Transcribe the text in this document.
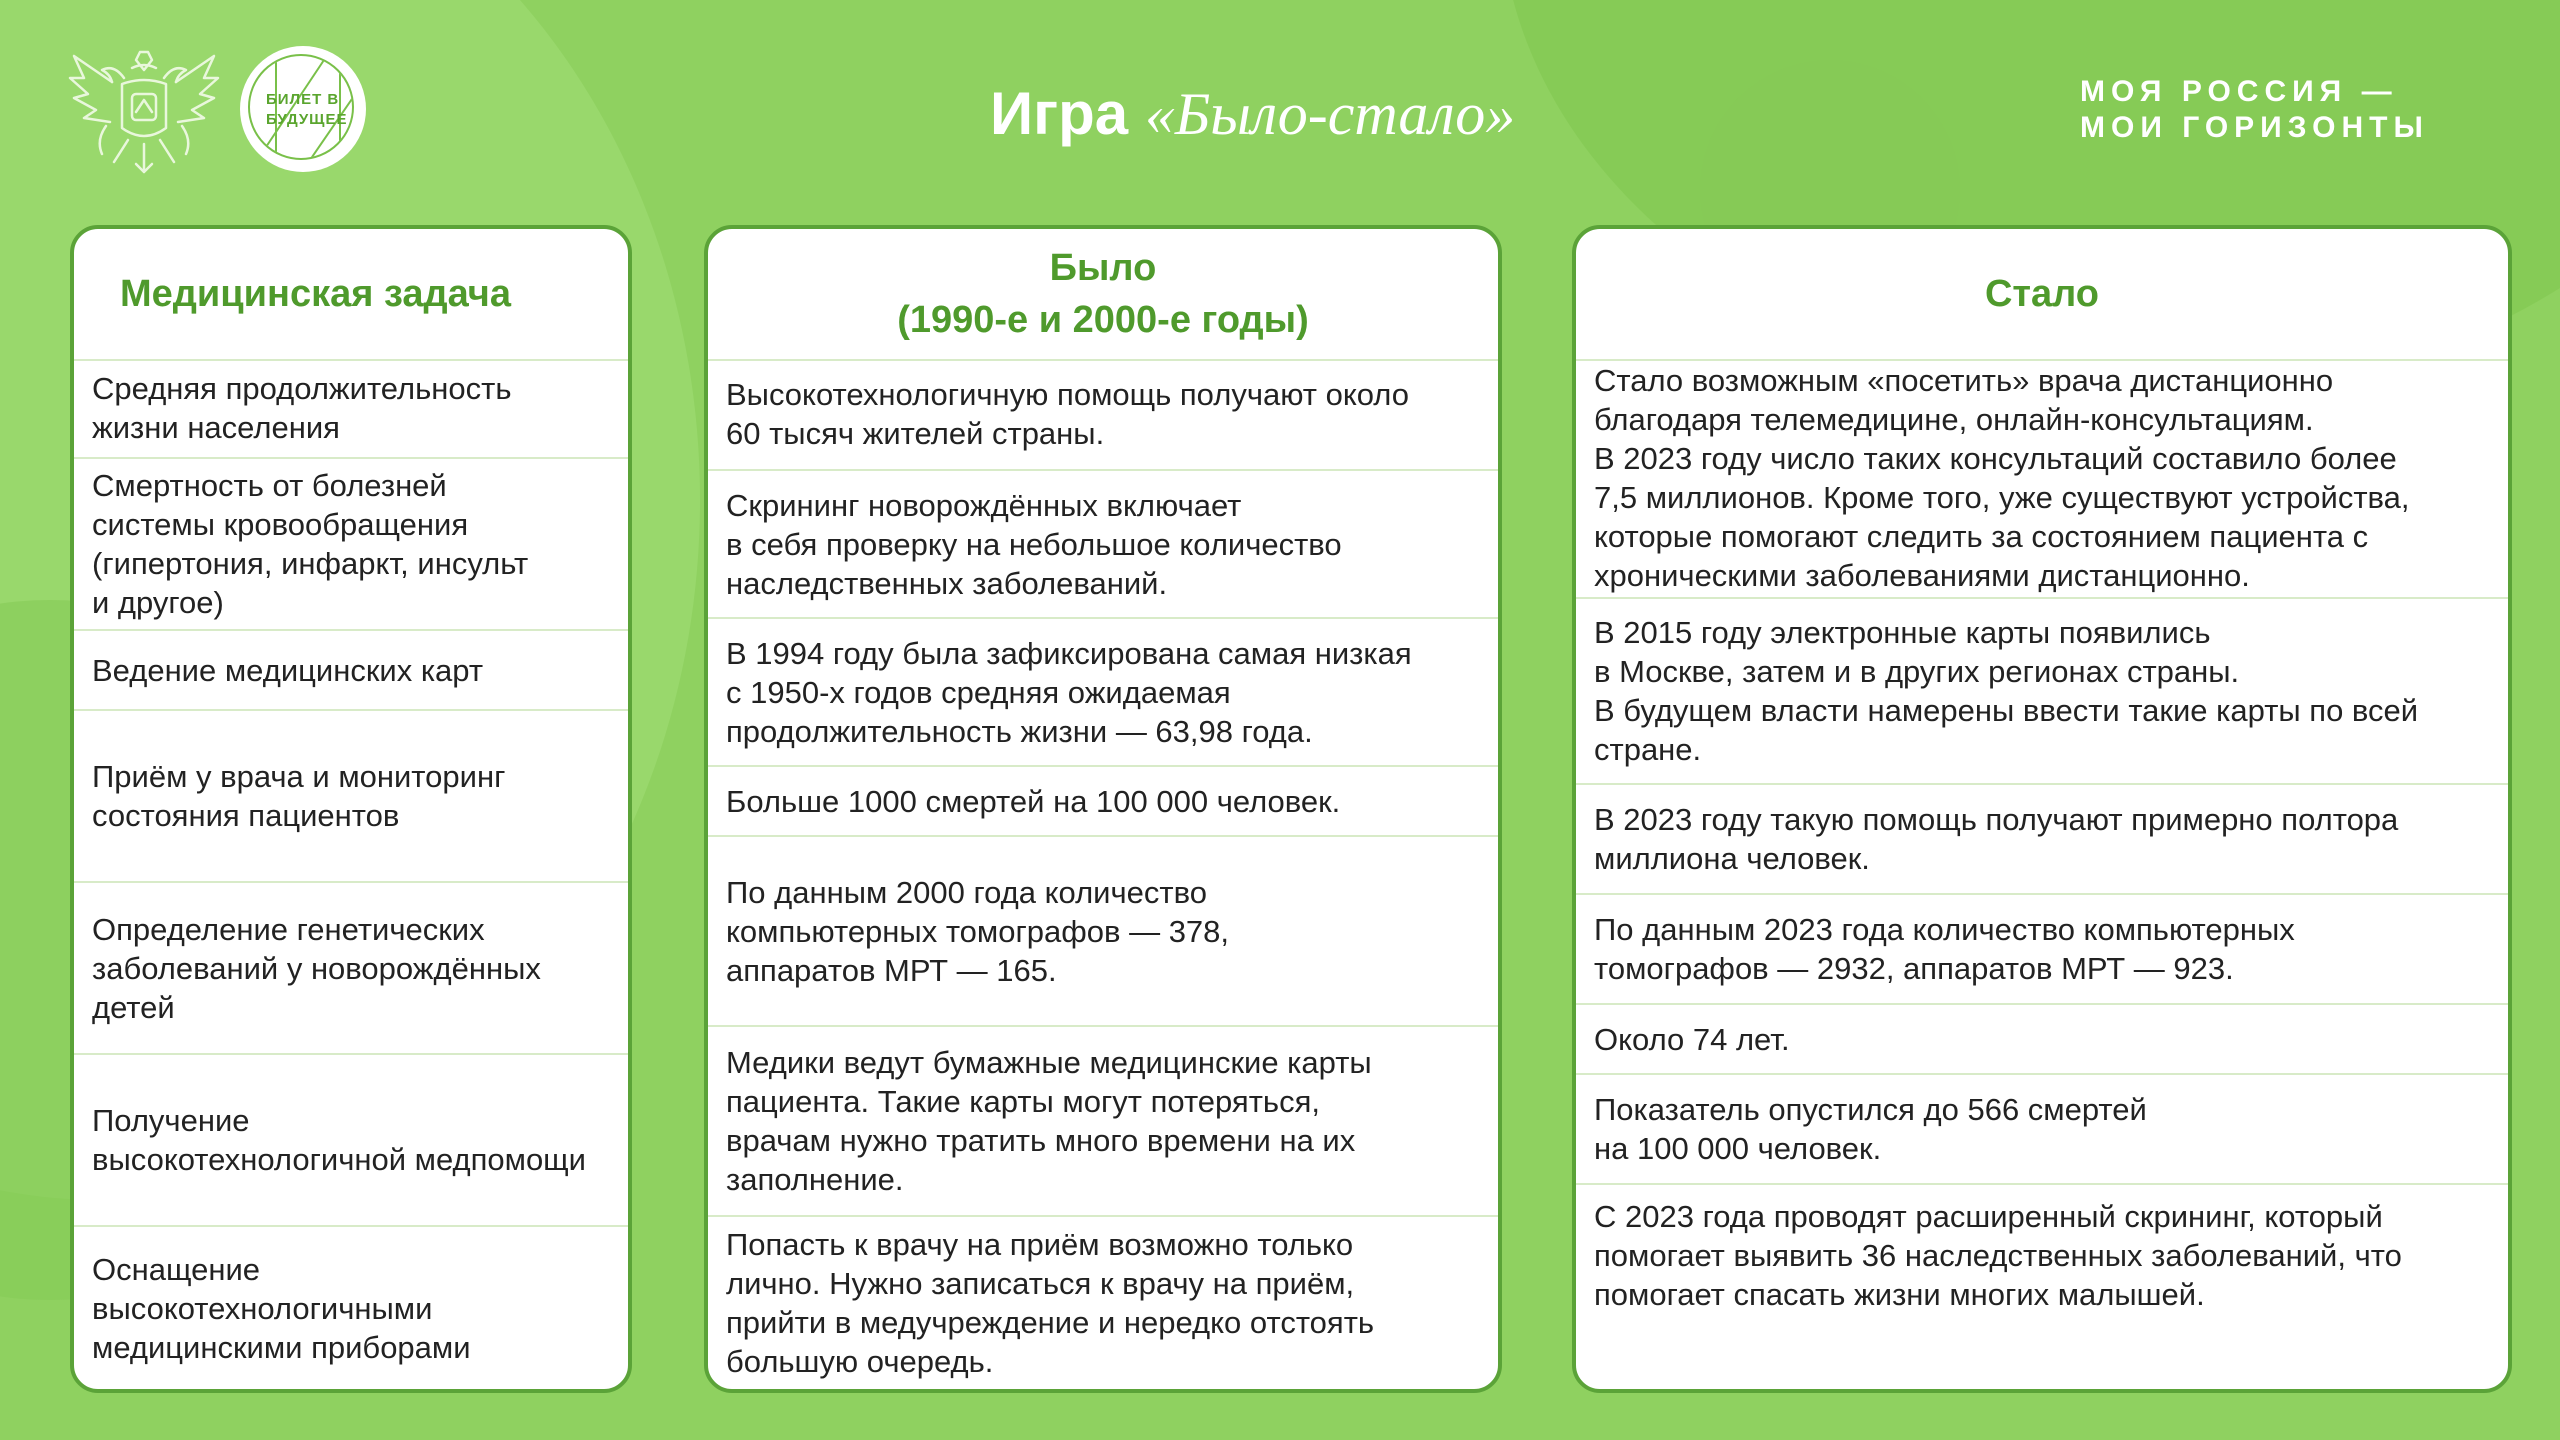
БИЛЕТ В
БУДУЩЕЕ	Игра «Было-стало»	МОЯ РОССИЯ —
МОИ ГОРИЗОНТЫ
Медицинская задача
Средняя продолжительность
жизни населения
Смертность от болезней
системы кровообращения
(гипертония, инфаркт, инсульт
и другое)
Ведение медицинских карт
Приём у врача и мониторинг
состояния пациентов
Определение генетических
заболеваний у новорождённых
детей
Получение
высокотехнологичной медпомощи
Оснащение
высокотехнологичными
медицинскими приборами
Было
(1990-е и 2000-е годы)
Высокотехнологичную помощь получают около
60 тысяч жителей страны.
Скрининг новорождённых включает
в себя проверку на небольшое количество
наследственных заболеваний.
В 1994 году была зафиксирована самая низкая
с 1950-х годов средняя ожидаемая
продолжительность жизни — 63,98 года.
Больше 1000 смертей на 100 000 человек.
По данным 2000 года количество
компьютерных томографов — 378,
аппаратов МРТ — 165.
Медики ведут бумажные медицинские карты
пациента. Такие карты могут потеряться,
врачам нужно тратить много времени на их
заполнение.
Попасть к врачу на приём возможно только
лично. Нужно записаться к врачу на приём,
прийти в медучреждение и нередко отстоять
большую очередь.
Стало
Стало возможным «посетить» врача дистанционно
благодаря телемедицине, онлайн-консультациям.
В 2023 году число таких консультаций составило более
7,5 миллионов. Кроме того, уже существуют устройства,
которые помогают следить за состоянием пациента с
хроническими заболеваниями дистанционно.
В 2015 году электронные карты появились
в Москве, затем и в других регионах страны.
В будущем власти намерены ввести такие карты по всей
стране.
В 2023 году такую помощь получают примерно полтора
миллиона человек.
По данным 2023 года количество компьютерных
томографов — 2932, аппаратов МРТ — 923.
Около 74 лет.
Показатель опустился до 566 смертей
на 100 000 человек.
С 2023 года проводят расширенный скрининг, который
помогает выявить 36 наследственных заболеваний, что
помогает спасать жизни многих малышей.
